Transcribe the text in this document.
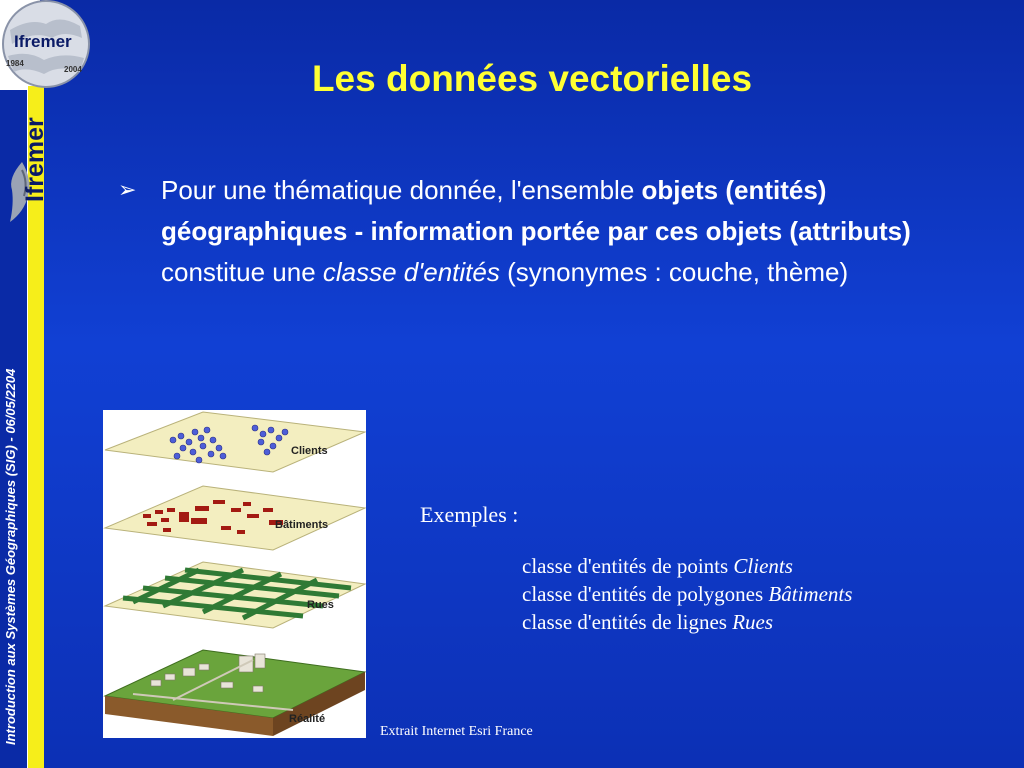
1984
2004
Ifremer
Ifremer
Introduction aux Systèmes Géographiques (SIG) - 06/05/2204
Les données vectorielles
➢ Pour une thématique donnée, l'ensemble objets (entités) géographiques - information portée par ces objets (attributs) constitue une classe d'entités (synonymes : couche, thème)
Clients
Bâtiments
Rues
Réalité
Extrait Internet Esri France
Exemples :
classe d'entités de points Clients
classe d'entités de polygones Bâtiments
classe d'entités de lignes Rues
